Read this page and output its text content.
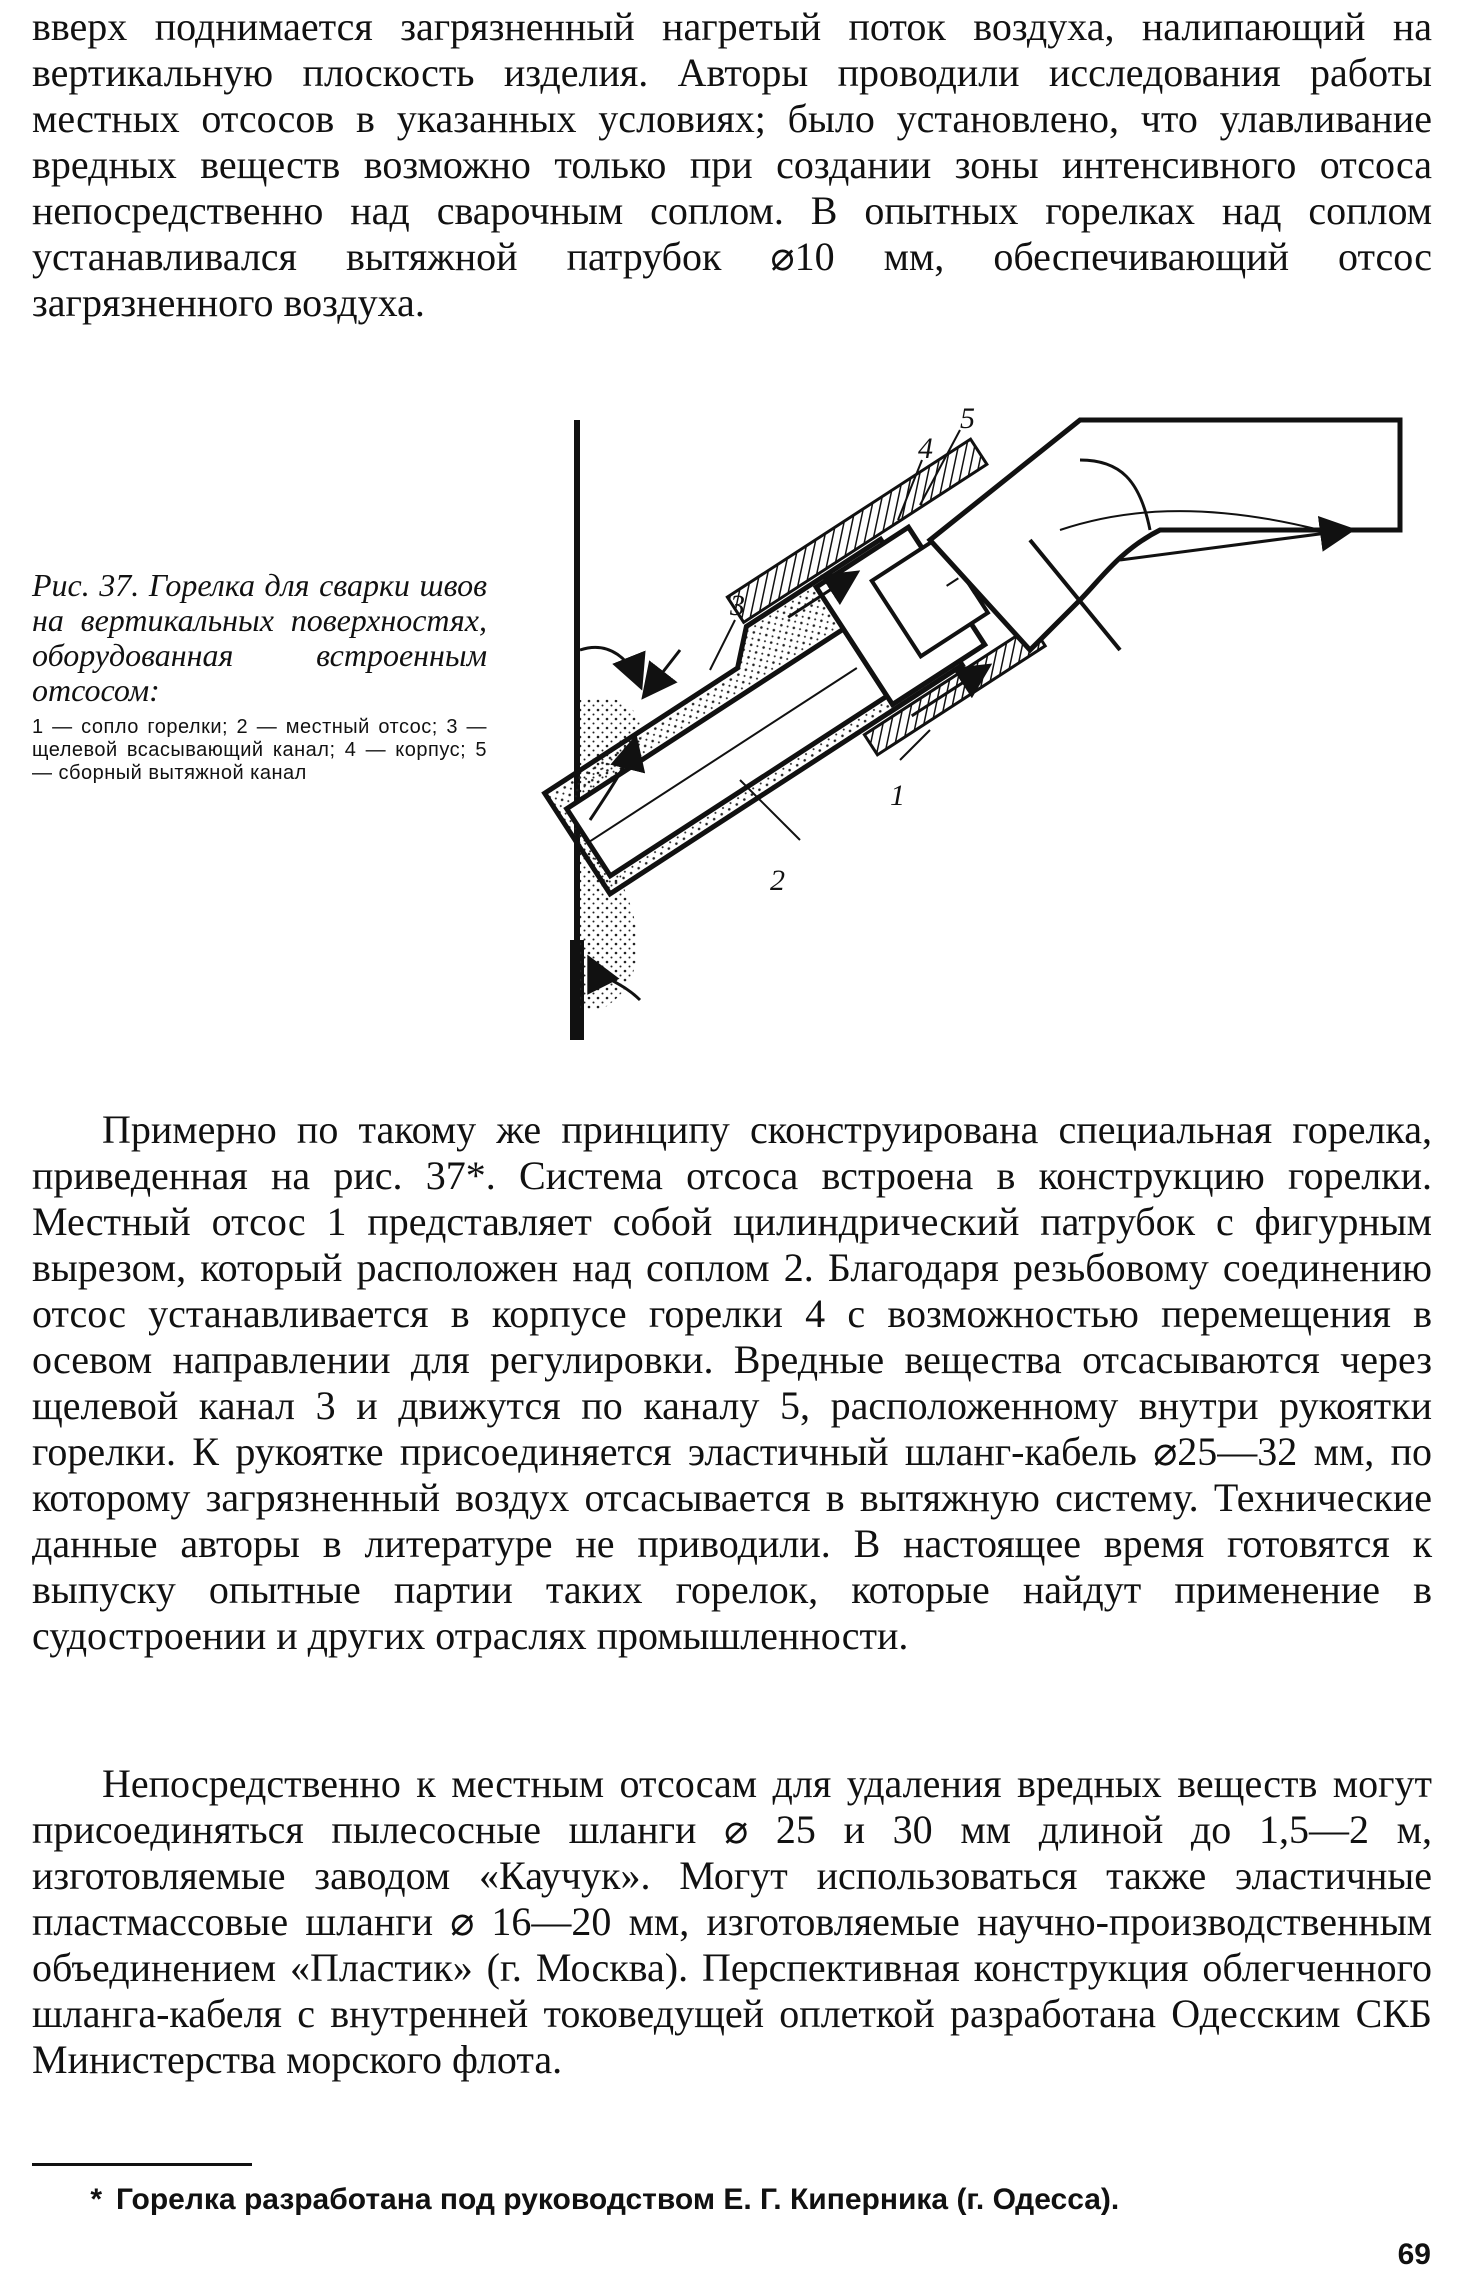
вверх поднимается загрязненный нагретый поток воздуха, налипающий на вертикальную плоскость изделия. Авторы проводили исследования работы местных отсосов в указанных условиях; было установлено, что улавливание вредных веществ возможно только при создании зоны интенсивного отсоса непосредственно над сварочным соплом. В опытных горелках над соплом устанавливался вытяжной патрубок ⌀10 мм, обеспечивающий отсос загрязненного воздуха.

Рис. 37. Горелка для сварки швов на вертикальных поверхностях, оборудованная встроенным отсосом:

1 — сопло горелки; 2 — местный отсос; 3 — щелевой всасывающий канал; 4 — корпус; 5 — сборный вытяжной канал

3
2
1
4
5

Примерно по такому же принципу сконструирована специальная горелка, приведенная на рис. 37*. Система отсоса встроена в конструкцию горелки. Местный отсос 1 представляет собой цилиндрический патрубок с фигурным вырезом, который расположен над соплом 2. Благодаря резьбовому соединению отсос устанавливается в корпусе горелки 4 с возможностью перемещения в осевом направлении для регулировки. Вредные вещества отсасываются через щелевой канал 3 и движутся по каналу 5, расположенному внутри рукоятки горелки. К рукоятке присоединяется эластичный шланг-кабель ⌀25—32 мм, по которому загрязненный воздух отсасывается в вытяжную систему. Технические данные авторы в литературе не приводили. В настоящее время готовятся к выпуску опытные партии таких горелок, которые найдут применение в судостроении и других отраслях промышленности.

Непосредственно к местным отсосам для удаления вредных веществ могут присоединяться пылесосные шланги ⌀ 25 и 30 мм длиной до 1,5—2 м, изготовляемые заводом «Каучук». Могут использоваться также эластичные пластмассовые шланги ⌀ 16—20 мм, изготовляемые научно-производственным объединением «Пластик» (г. Москва). Перспективная конструкция облегченного шланга-кабеля с внутренней токоведущей оплеткой разработана Одесским СКБ Министерства морского флота.

* Горелка разработана под руководством Е. Г. Киперника (г. Одесса).
69
